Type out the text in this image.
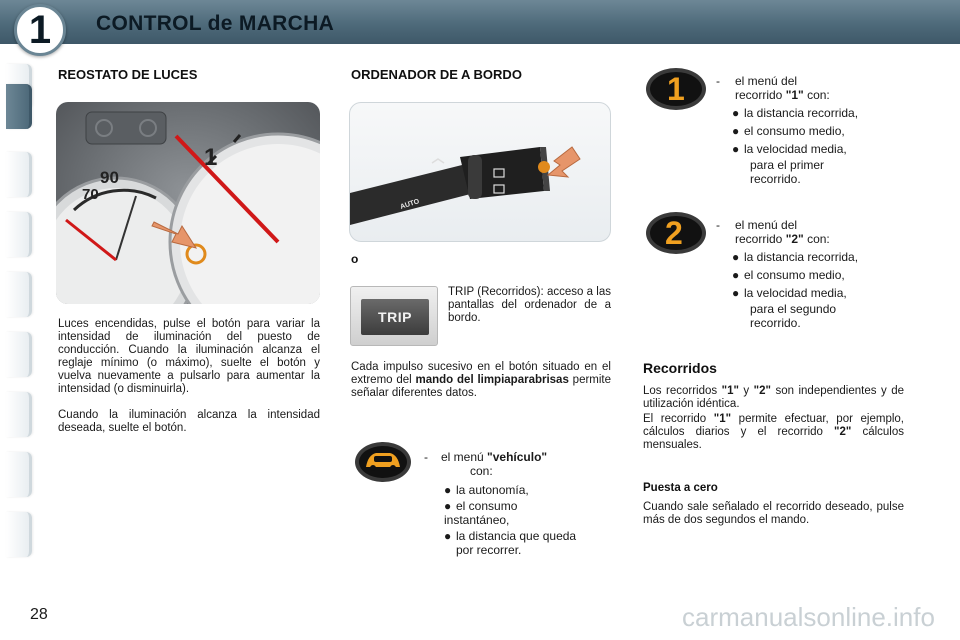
CONTROL de MARCHA
1
REOSTATO DE LUCES
90
70
1
Luces encendidas, pulse el botón para variar la intensidad de iluminación del puesto de conducción. Cuando la iluminación alcanza el reglaje mínimo (o máximo), suelte el botón y vuelva nuevamente a pulsarlo para aumentar la intensidad (o disminuirla).
Cuando la iluminación alcanza la intensidad deseada, suelte el botón.
ORDENADOR DE A BORDO
AUTO
o
TRIP
TRIP (Recorridos): acceso a las pantallas del ordenador de a bordo.
Cada impulso sucesivo en el botón situado en el extremo del mando del limpiaparabrisas permite señalar diferentes datos.
- el menú "vehículo"
con:
● la autonomía,
● el consumo instantáneo,
● la distancia que queda por recorrer.
1	- el menú del
recorrido "1" con:
● la distancia recorrida,
● el consumo medio,
● la velocidad media,
para el primer recorrido.
2	- el menú del
recorrido "2" con:
● la distancia recorrida,
● el consumo medio,
● la velocidad media,
para el segundo recorrido.
Recorridos
Los recorridos "1" y "2" son independientes y de utilización idéntica.
El recorrido "1" permite efectuar, por ejemplo, cálculos diarios y el recorrido "2" cálculos mensuales.
Puesta a cero
Cuando sale señalado el recorrido deseado, pulse más de dos segundos el mando.
28	carmanualsonline.info
